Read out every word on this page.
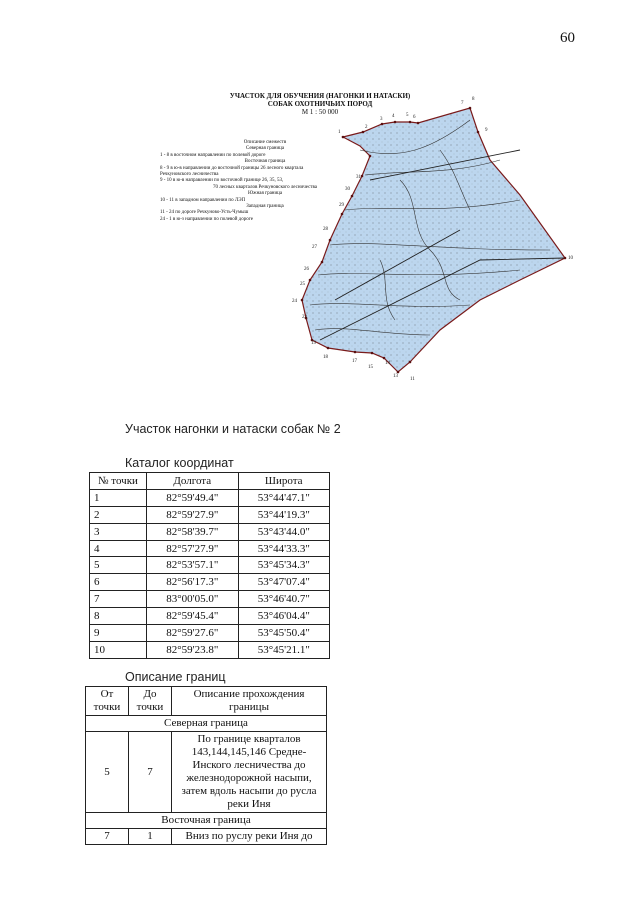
60
1
2
3
4 5 6
7
8
9
10
11
13
14
15
17
18
19
23
24
25
26
27
28
29
30
31
УЧАСТОК ДЛЯ ОБУЧЕНИЯ (НАГОНКИ И НАТАСКИ)
СОБАК ОХОТНИЧЬИХ ПОРОД
М 1 : 50 000
Описание смежеств
Северная граница
1 - 8 в восточном направлении по полевой дороге
Восточная граница
8 - 9 в ю-в направлении до восточной границы 26 лесного квартала
Речкуновского лесничества
9 - 10 в ю-в направлении по восточной границе 26, 35, 53,
70 лесных кварталов Речкуновского лесничества
Южная граница
10 - 11 в западном направлении по ЛЭП
Западная граница
11 - 24 по дороге Речкуново-Усть-Чумыш
24 - 1 в ю-з направлении по полевой дороге
Участок нагонки и натаски собак № 2
Каталог координат
№ точки	Долгота	Широта
1	82°59'49.4"	53°44'47.1"
2	82°59'27.9"	53°44'19.3"
3	82°58'39.7"	53°43'44.0"
4	82°57'27.9"	53°44'33.3"
5	82°53'57.1"	53°45'34.3"
6	82°56'17.3"	53°47'07.4"
7	83°00'05.0"	53°46'40.7"
8	82°59'45.4"	53°46'04.4"
9	82°59'27.6"	53°45'50.4"
10	82°59'23.8"	53°45'21.1"
Описание границ
От точки	До точки	Описание прохождения границы
Северная граница		
5	7	По границе кварталов 143,144,145,146 Средне-Инского лесничества до железнодорожной насыпи, затем вдоль насыпи до русла реки Иня
Восточная граница		
7	1	Вниз по руслу реки Иня до
